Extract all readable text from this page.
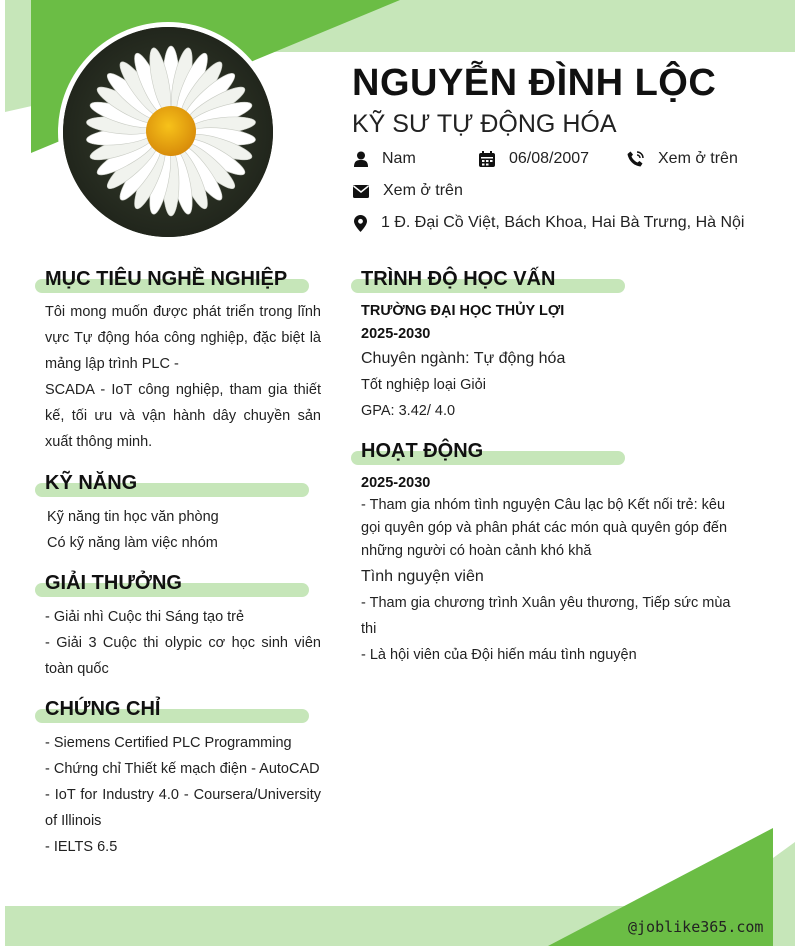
NGUYỄN ĐÌNH LỘC
KỸ SƯ TỰ ĐỘNG HÓA
Nam	06/08/2007	Xem ở trên
Xem ở trên
1 Đ. Đại Cồ Việt, Bách Khoa, Hai Bà Trưng, Hà Nội
MỤC TIÊU NGHỀ NGHIỆP
Tôi mong muốn được phát triển trong lĩnh vực Tự động hóa công nghiệp, đặc biệt là mảng lập trình PLC -
SCADA - IoT công nghiệp, tham gia thiết kế, tối ưu và vận hành dây chuyền sản xuất thông minh.
KỸ NĂNG
Kỹ năng tin học văn phòng
Có kỹ năng làm việc nhóm
GIẢI THƯỞNG
- Giải nhì Cuộc thi Sáng tạo trẻ
- Giải 3 Cuộc thi olypic cơ học sinh viên toàn quốc
CHỨNG CHỈ
- Siemens Certified PLC Programming
- Chứng chỉ Thiết kế mạch điện - AutoCAD
- IoT for Industry 4.0 - Coursera/University of Illinois
- IELTS 6.5
TRÌNH ĐỘ HỌC VẤN
TRƯỜNG ĐẠI HỌC THỦY LỢI
2025-2030
Chuyên ngành: Tự động hóa
Tốt nghiệp loại Giỏi
GPA: 3.42/ 4.0
HOẠT ĐỘNG
2025-2030
- Tham gia nhóm tình nguyện Câu lạc bộ Kết nối trẻ: kêu gọi quyên góp và phân phát các món quà quyên góp đến những người có hoàn cảnh khó khă
Tình nguyện viên
- Tham gia chương trình Xuân yêu thương, Tiếp sức mùa thi
- Là hội viên của Đội hiến máu tình nguyện
@joblike365.com
